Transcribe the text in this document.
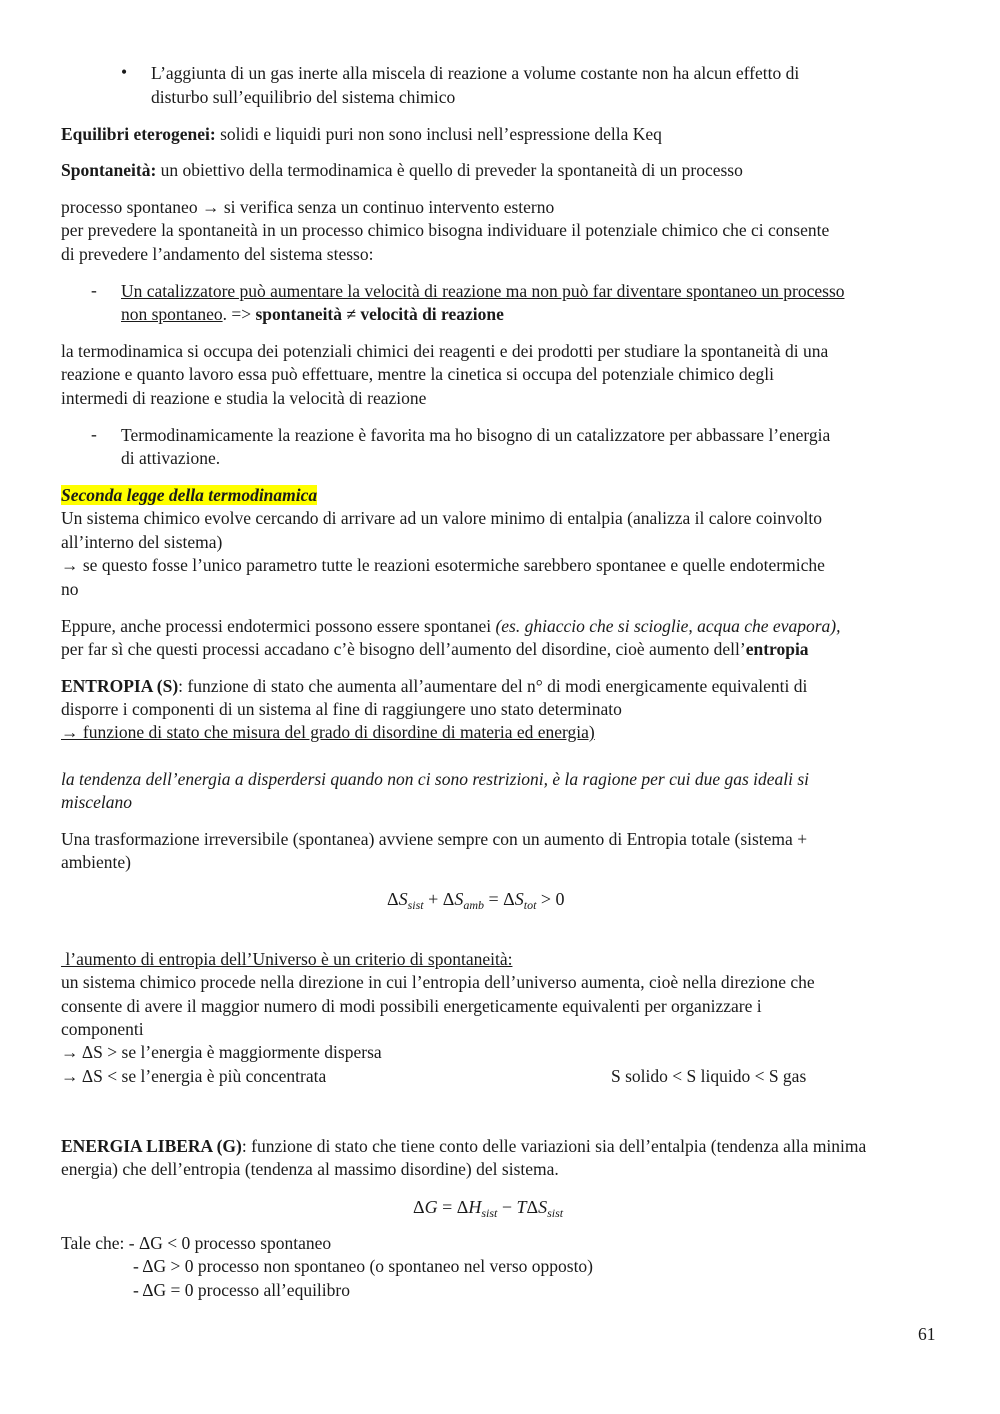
• L’aggiunta di un gas inerte alla miscela di reazione a volume costante non ha alcun effetto di
disturbo sull’equilibrio del sistema chimico
Equilibri eterogenei: solidi e liquidi puri non sono inclusi nell’espressione della Keq
Spontaneità: un obiettivo della termodinamica è quello di preveder la spontaneità di un processo
processo spontaneo → si verifica senza un continuo intervento esterno
per prevedere la spontaneità in un processo chimico bisogna individuare il potenziale chimico che ci consente
di prevedere l’andamento del sistema stesso:
- Un catalizzatore può aumentare la velocità di reazione ma non può far diventare spontaneo un processo
non spontaneo. => spontaneità ≠ velocità di reazione
la termodinamica si occupa dei potenziali chimici dei reagenti e dei prodotti per studiare la spontaneità di una
reazione e quanto lavoro essa può effettuare, mentre la cinetica si occupa del potenziale chimico degli
intermedi di reazione e studia la velocità di reazione
- Termodinamicamente la reazione è favorita ma ho bisogno di un catalizzatore per abbassare l’energia
di attivazione.
Seconda legge della termodinamica
Un sistema chimico evolve cercando di arrivare ad un valore minimo di entalpia (analizza il calore coinvolto
all’interno del sistema)
→ se questo fosse l’unico parametro tutte le reazioni esotermiche sarebbero spontanee e quelle endotermiche
no
Eppure, anche processi endotermici possono essere spontanei (es. ghiaccio che si scioglie, acqua che evapora),
per far sì che questi processi accadano c’è bisogno dell’aumento del disordine, cioè aumento dell’entropia
ENTROPIA (S): funzione di stato che aumenta all’aumentare del n° di modi energicamente equivalenti di
disporre i componenti di un sistema al fine di raggiungere uno stato determinato
→ funzione di stato che misura del grado di disordine di materia ed energia)
la tendenza dell’energia a disperdersi quando non ci sono restrizioni, è la ragione per cui due gas ideali si
miscelano
Una trasformazione irreversibile (spontanea) avviene sempre con un aumento di Entropia totale (sistema +
ambiente)
$\Delta S_{sist} + \Delta S_{amb} = \Delta S_{tot} > 0$
l’aumento di entropia dell’Universo è un criterio di spontaneità:
un sistema chimico procede nella direzione in cui l’entropia dell’universo aumenta, cioè nella direzione che
consente di avere il maggior numero di modi possibili energeticamente equivalenti per organizzare i
componenti
→ ΔS > se l’energia è maggiormente dispersa
→ ΔS < se l’energia è più concentrata	S solido < S liquido < S gas
ENERGIA LIBERA (G): funzione di stato che tiene conto delle variazioni sia dell’entalpia (tendenza alla minima
energia) che dell’entropia (tendenza al massimo disordine) del sistema.
$\Delta G = \Delta H_{sist} - T\Delta S_{sist}$
Tale che: - ΔG < 0 processo spontaneo
- ΔG > 0 processo non spontaneo (o spontaneo nel verso opposto)
- ΔG = 0 processo all’equilibro
61
